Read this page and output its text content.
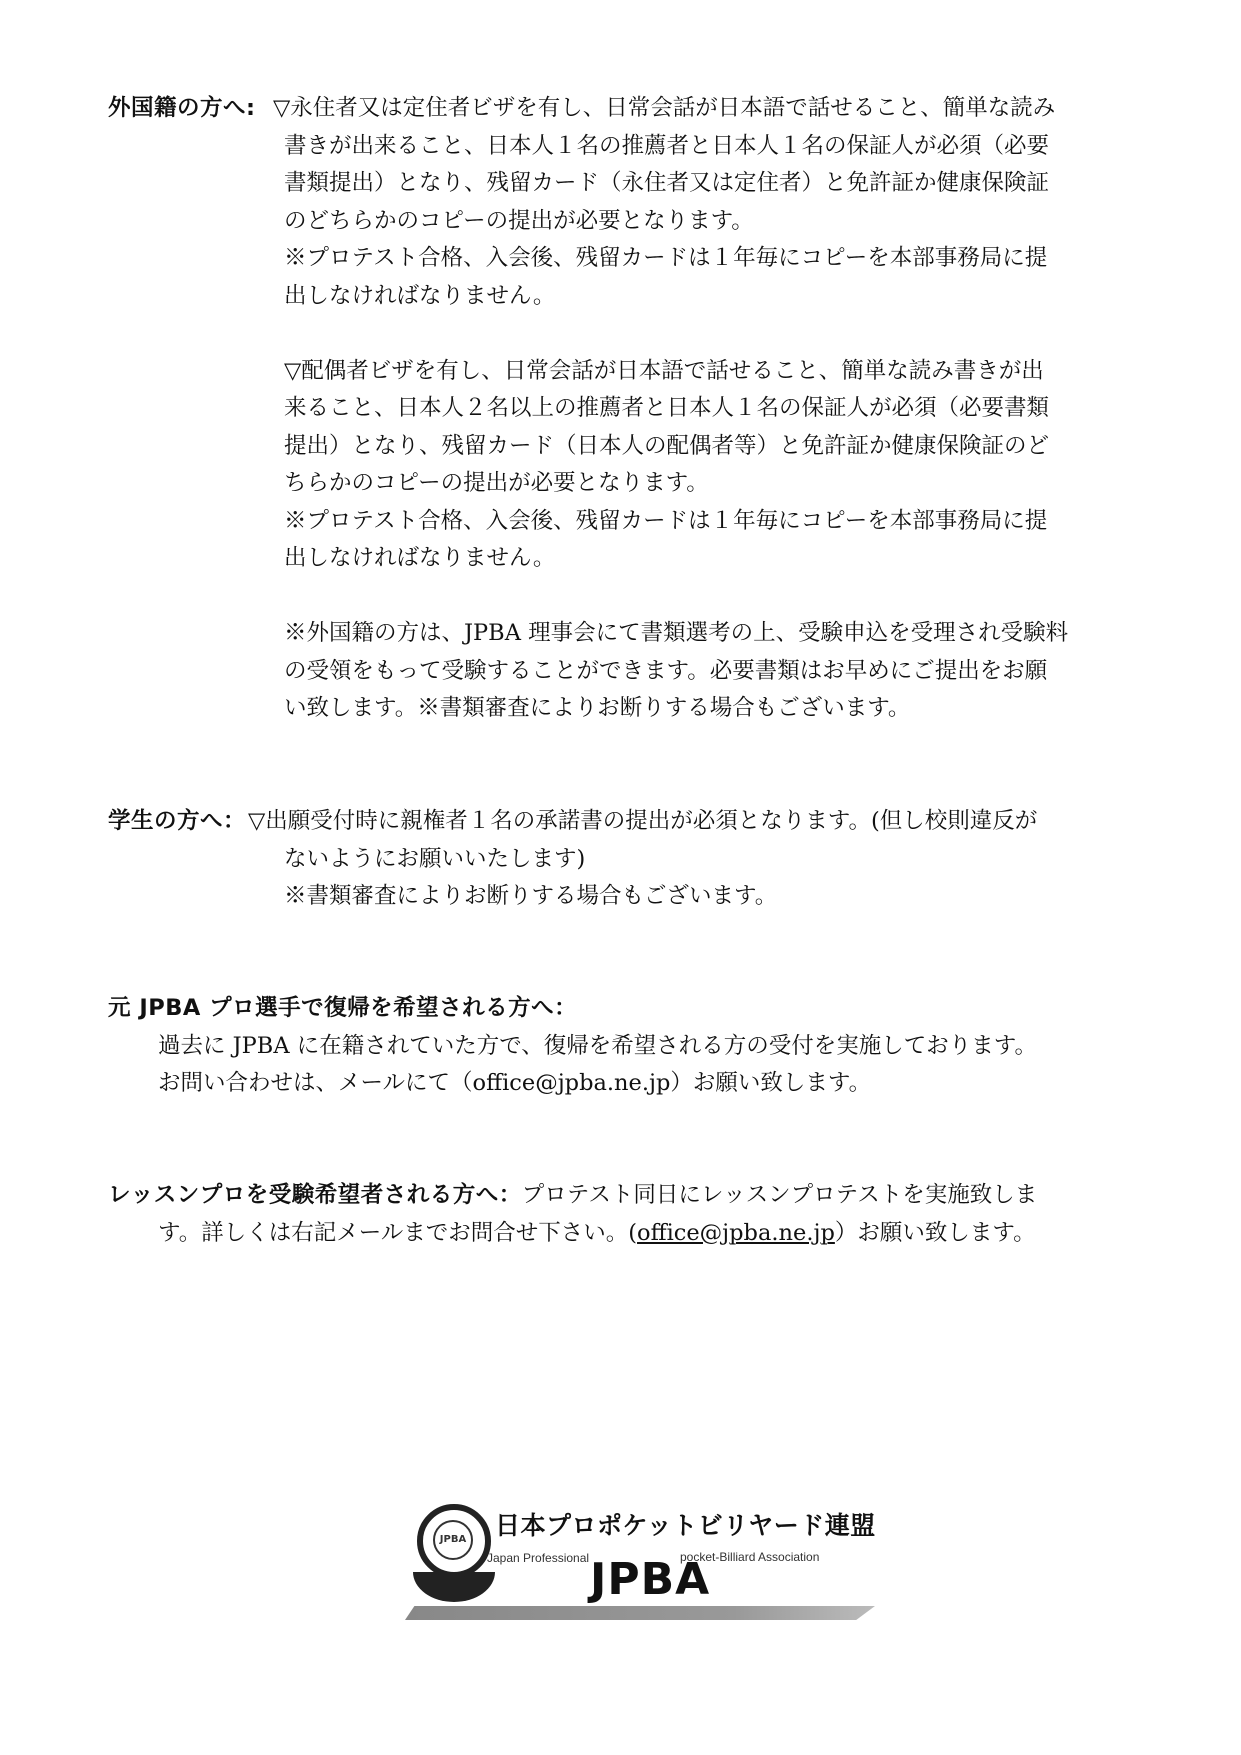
外国籍の方へ: ▽永住者又は定住者ビザを有し、日常会話が日本語で話せること、簡単な読み
書きが出来ること、日本人１名の推薦者と日本人１名の保証人が必須（必要
書類提出）となり、残留カード（永住者又は定住者）と免許証か健康保険証
のどちらかのコピーの提出が必要となります。
※プロテスト合格、入会後、残留カードは１年毎にコピーを本部事務局に提
出しなければなりません。
▽配偶者ビザを有し、日常会話が日本語で話せること、簡単な読み書きが出
来ること、日本人２名以上の推薦者と日本人１名の保証人が必須（必要書類
提出）となり、残留カード（日本人の配偶者等）と免許証か健康保険証のど
ちらかのコピーの提出が必要となります。
※プロテスト合格、入会後、残留カードは１年毎にコピーを本部事務局に提
出しなければなりません。
※外国籍の方は、JPBA 理事会にて書類選考の上、受験申込を受理され受験料
の受領をもって受験することができます。必要書類はお早めにご提出をお願
い致します。※書類審査によりお断りする場合もございます。
学生の方へ： ▽出願受付時に親権者１名の承諾書の提出が必須となります。(但し校則違反が
ないようにお願いいたします)
※書類審査によりお断りする場合もございます。
元 JPBA プロ選手で復帰を希望される方へ：
過去に JPBA に在籍されていた方で、復帰を希望される方の受付を実施しております。
お問い合わせは、メールにて（office@jpba.ne.jp）お願い致します。
レッスンプロを受験希望者される方へ：プロテスト同日にレッスンプロテストを実施致しま
す。詳しくは右記メールまでお問合せ下さい。(office@jpba.ne.jp）お願い致します。
JPBA 日本プロポケットビリヤード連盟
Japan Professional JPBA
pocket-Billiard Association
